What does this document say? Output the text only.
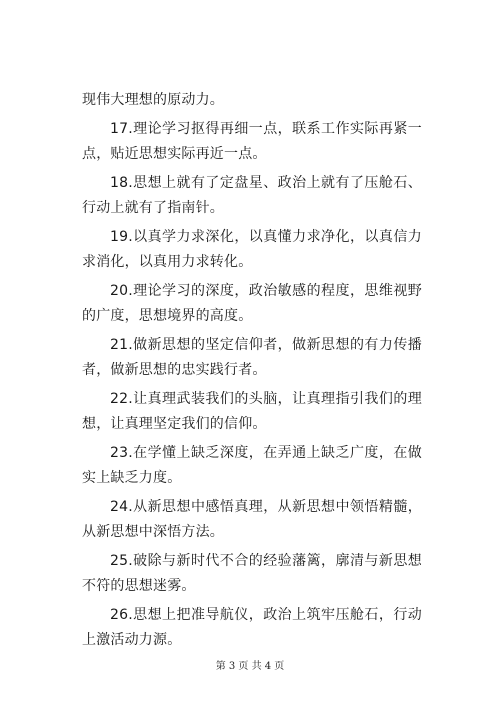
现伟大理想的原动力。

17.理论学习抠得再细一点，联系工作实际再紧一点，贴近思想实际再近一点。

18.思想上就有了定盘星、政治上就有了压舱石、行动上就有了指南针。

19.以真学力求深化，以真懂力求净化，以真信力求消化，以真用力求转化。

20.理论学习的深度，政治敏感的程度，思维视野的广度，思想境界的高度。

21.做新思想的坚定信仰者，做新思想的有力传播者，做新思想的忠实践行者。

22.让真理武装我们的头脑，让真理指引我们的理想，让真理坚定我们的信仰。

23.在学懂上缺乏深度，在弄通上缺乏广度，在做实上缺乏力度。

24.从新思想中感悟真理，从新思想中领悟精髓，从新思想中深悟方法。

25.破除与新时代不合的经验藩篱，廓清与新思想不符的思想迷雾。

26.思想上把准导航仪，政治上筑牢压舱石，行动上激活动力源。

第 3 页 共 4 页
